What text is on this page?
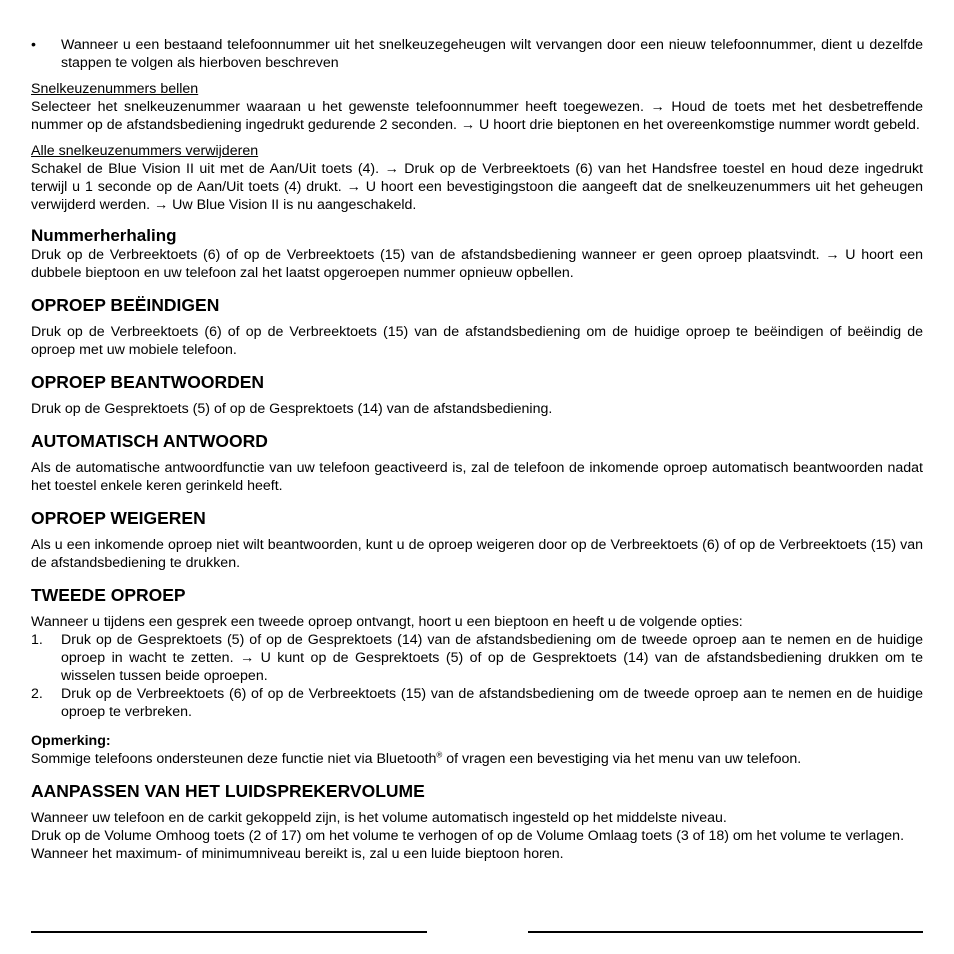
• Wanneer u een bestaand telefoonnummer uit het snelkeuzegeheugen wilt vervangen door een nieuw telefoonnummer, dient u dezelfde stappen te volgen als hierboven beschreven

Snelkeuzenummers bellen

Selecteer het snelkeuzenummer waaraan u het gewenste telefoonnummer heeft toegewezen. → Houd de toets met het desbetreffende nummer op de afstandsbediening ingedrukt gedurende 2 seconden. → U hoort drie bieptonen en het overeenkomstige nummer wordt gebeld.

Alle snelkeuzenummers verwijderen

Schakel de Blue Vision II uit met de Aan/Uit toets (4). → Druk op de Verbreektoets (6) van het Handsfree toestel en houd deze ingedrukt terwijl u 1 seconde op de Aan/Uit toets (4) drukt. → U hoort een bevestigingstoon die aangeeft dat de snelkeuzenummers uit het geheugen verwijderd werden. → Uw Blue Vision II is nu aangeschakeld.

Nummerherhaling

Druk op de Verbreektoets (6) of op de Verbreektoets (15) van de afstandsbediening wanneer er geen oproep plaatsvindt. → U hoort een dubbele bieptoon en uw telefoon zal het laatst opgeroepen nummer opnieuw opbellen.

OPROEP BEËINDIGEN

Druk op de Verbreektoets (6) of op de Verbreektoets (15) van de afstandsbediening om de huidige oproep te beëindigen of beëindig de oproep met uw mobiele telefoon.

OPROEP BEANTWOORDEN

Druk op de Gesprektoets (5) of op de Gesprektoets (14) van de afstandsbediening.

AUTOMATISCH ANTWOORD

Als de automatische antwoordfunctie van uw telefoon geactiveerd is, zal de telefoon de inkomende oproep automatisch beantwoorden nadat het toestel enkele keren gerinkeld heeft.

OPROEP WEIGEREN

Als u een inkomende oproep niet wilt beantwoorden, kunt u de oproep weigeren door op de Verbreektoets (6) of op de Verbreektoets (15) van de afstandsbediening te drukken.

TWEEDE OPROEP

Wanneer u tijdens een gesprek een tweede oproep ontvangt, hoort u een bieptoon en heeft u de volgende opties:

1. Druk op de Gesprektoets (5) of op de Gesprektoets (14) van de afstandsbediening om de tweede oproep aan te nemen en de huidige oproep in wacht te zetten. → U kunt op de Gesprektoets (5) of op de Gesprektoets (14) van de afstandsbediening drukken om te wisselen tussen beide oproepen.
2. Druk op de Verbreektoets (6) of op de Verbreektoets (15) van de afstandsbediening om de tweede oproep aan te nemen en de huidige oproep te verbreken.

Opmerking:

Sommige telefoons ondersteunen deze functie niet via Bluetooth® of vragen een bevestiging via het menu van uw telefoon.

AANPASSEN VAN HET LUIDSPREKERVOLUME

Wanneer uw telefoon en de carkit gekoppeld zijn, is het volume automatisch ingesteld op het middelste niveau.

Druk op de Volume Omhoog toets (2 of 17) om het volume te verhogen of op de Volume Omlaag toets (3 of 18) om het volume te verlagen.

Wanneer het maximum- of minimumniveau bereikt is, zal u een luide bieptoon horen.
